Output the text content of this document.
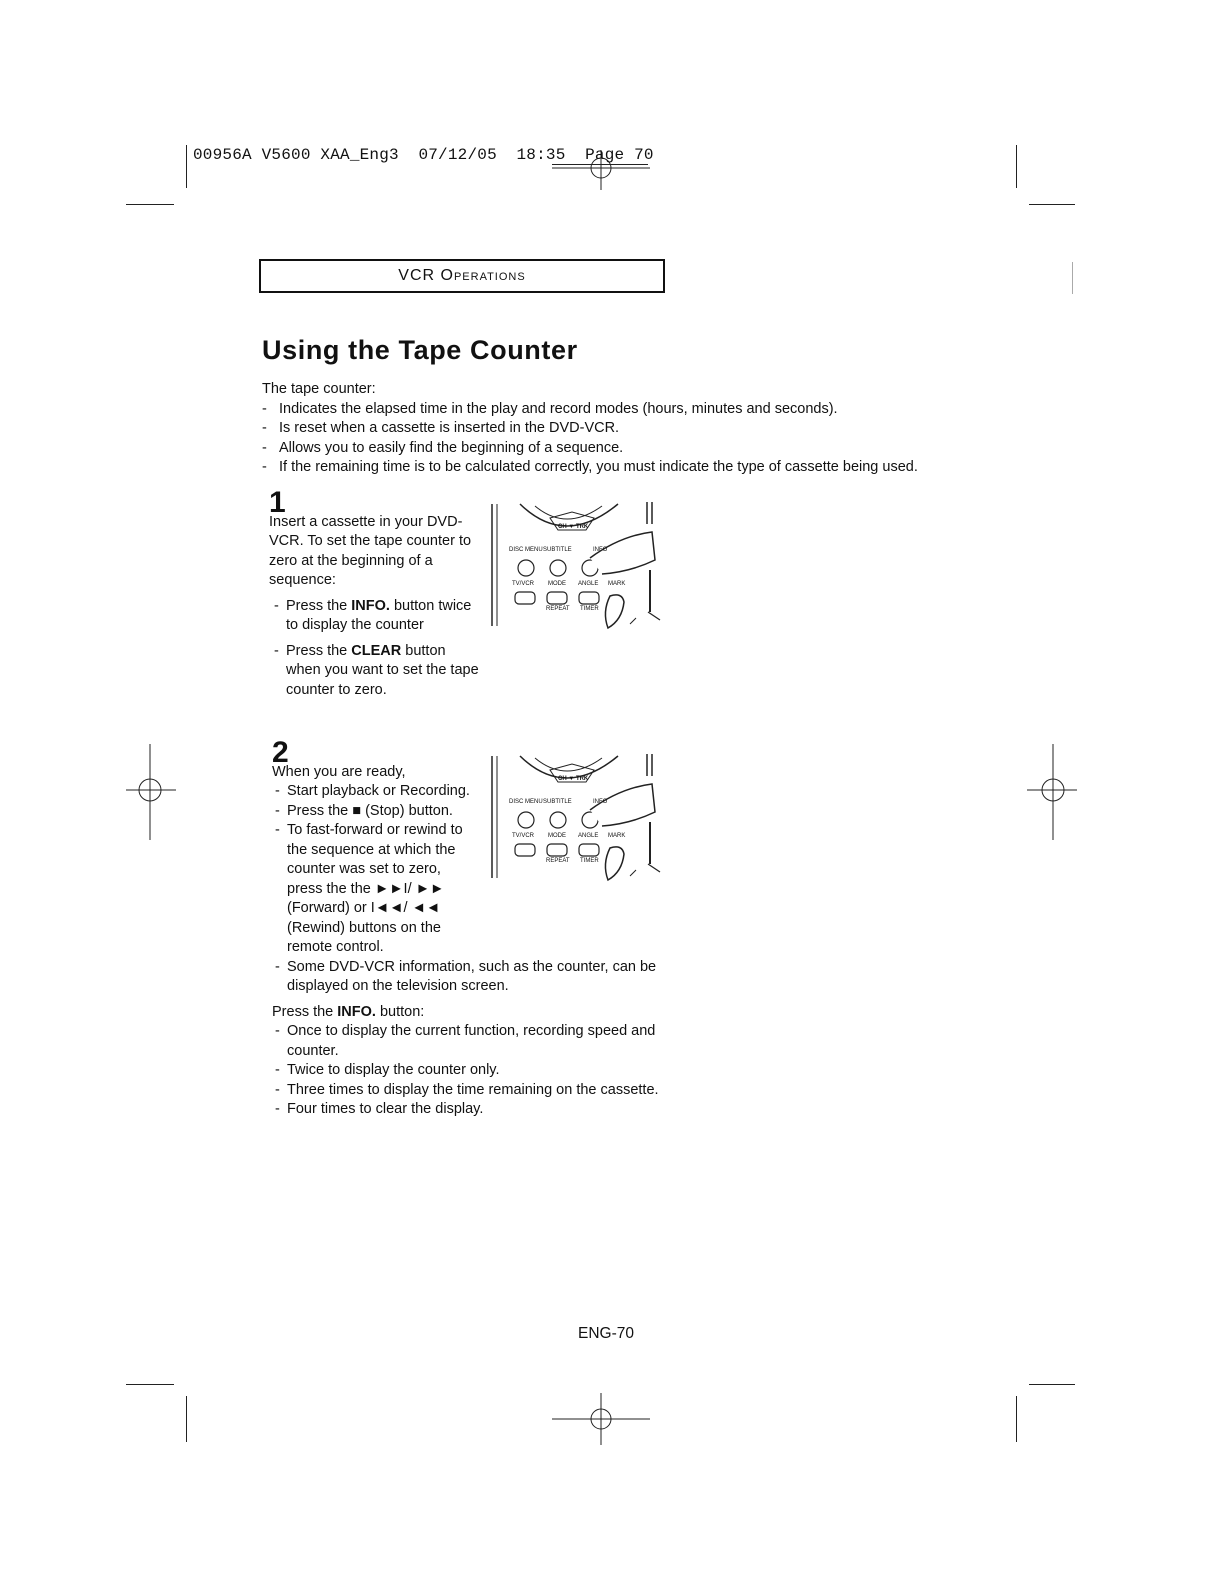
00956A V5600 XAA_Eng3 07/12/05 18:35 Page 70
VCR Operations
Using the Tape Counter
The tape counter:
- Indicates the elapsed time in the play and record modes (hours, minutes and seconds).
- Is reset when a cassette is inserted in the DVD-VCR.
- Allows you to easily find the beginning of a sequence.
- If the remaining time is to be calculated correctly, you must indicate the type of cassette being used.
1

Insert a cassette in your DVD-VCR. To set the tape counter to zero at the beginning of a sequence:

- Press the INFO. button twice to display the counter
- Press the CLEAR button when you want to set the tape counter to zero.
CH ▼ TRK
DISC MENU SUBTITLE	INFO
TV/VCR MODE ANGLE MARK
REPEAT TIMER
2

When you are ready,

- Start playback or Recording.
- Press the ■ (Stop) button.
- To fast-forward or rewind to the sequence at which the counter was set to zero, press the the ►►I/ ►► (Forward) or I◄◄/ ◄◄ (Rewind) buttons on the remote control.
- Some DVD-VCR information, such as the counter, can be displayed on the television screen.

Press the INFO. button:

- Once to display the current function, recording speed and counter.
- Twice to display the counter only.
- Three times to display the time remaining on the cassette.
- Four times to clear the display.
CH ▼ TRK
DISC MENU SUBTITLE	INFO
TV/VCR MODE ANGLE MARK
REPEAT TIMER
ENG-70
